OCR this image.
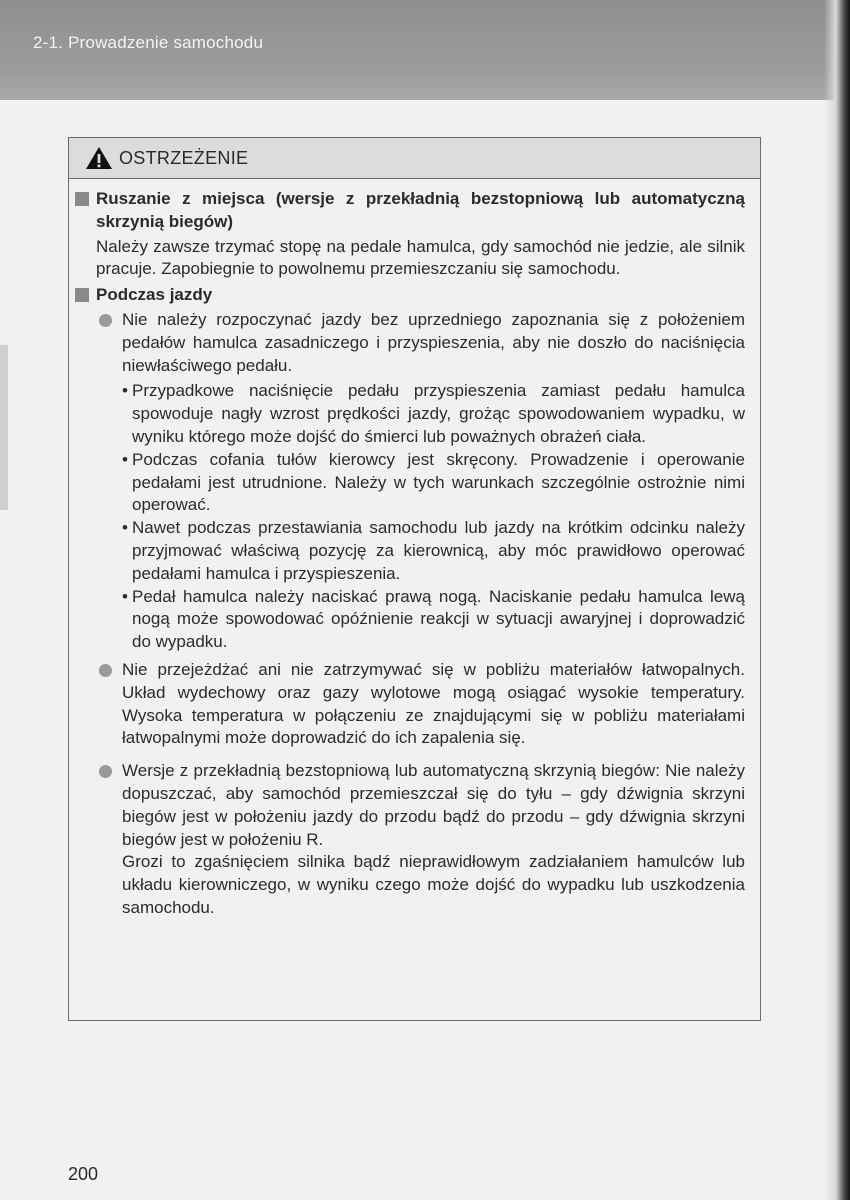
2-1. Prowadzenie samochodu
OSTRZEŻENIE
Ruszanie z miejsca (wersje z przekładnią bezstopniową lub automatyczną skrzynią biegów)
Należy zawsze trzymać stopę na pedale hamulca, gdy samochód nie jedzie, ale silnik pracuje. Zapobiegnie to powolnemu przemieszczaniu się samochodu.
Podczas jazdy
Nie należy rozpoczynać jazdy bez uprzedniego zapoznania się z położeniem pedałów hamulca zasadniczego i przyspieszenia, aby nie doszło do naciśnięcia niewłaściwego pedału.
• Przypadkowe naciśnięcie pedału przyspieszenia zamiast pedału hamulca spowoduje nagły wzrost prędkości jazdy, grożąc spowodowaniem wypadku, w wyniku którego może dojść do śmierci lub poważnych obrażeń ciała.
• Podczas cofania tułów kierowcy jest skręcony. Prowadzenie i operowanie pedałami jest utrudnione. Należy w tych warunkach szczególnie ostrożnie nimi operować.
• Nawet podczas przestawiania samochodu lub jazdy na krótkim odcinku należy przyjmować właściwą pozycję za kierownicą, aby móc prawidłowo operować pedałami hamulca i przyspieszenia.
• Pedał hamulca należy naciskać prawą nogą. Naciskanie pedału hamulca lewą nogą może spowodować opóźnienie reakcji w sytuacji awaryjnej i doprowadzić do wypadku.
Nie przejeżdżać ani nie zatrzymywać się w pobliżu materiałów łatwopalnych. Układ wydechowy oraz gazy wylotowe mogą osiągać wysokie temperatury. Wysoka temperatura w połączeniu ze znajdującymi się w pobliżu materiałami łatwopalnymi może doprowadzić do ich zapalenia się.
Wersje z przekładnią bezstopniową lub automatyczną skrzynią biegów: Nie należy dopuszczać, aby samochód przemieszczał się do tyłu – gdy dźwignia skrzyni biegów jest w położeniu jazdy do przodu bądź do przodu – gdy dźwignia skrzyni biegów jest w położeniu R.
Grozi to zgaśnięciem silnika bądź nieprawidłowym zadziałaniem hamulców lub układu kierowniczego, w wyniku czego może dojść do wypadku lub uszkodzenia samochodu.
200
